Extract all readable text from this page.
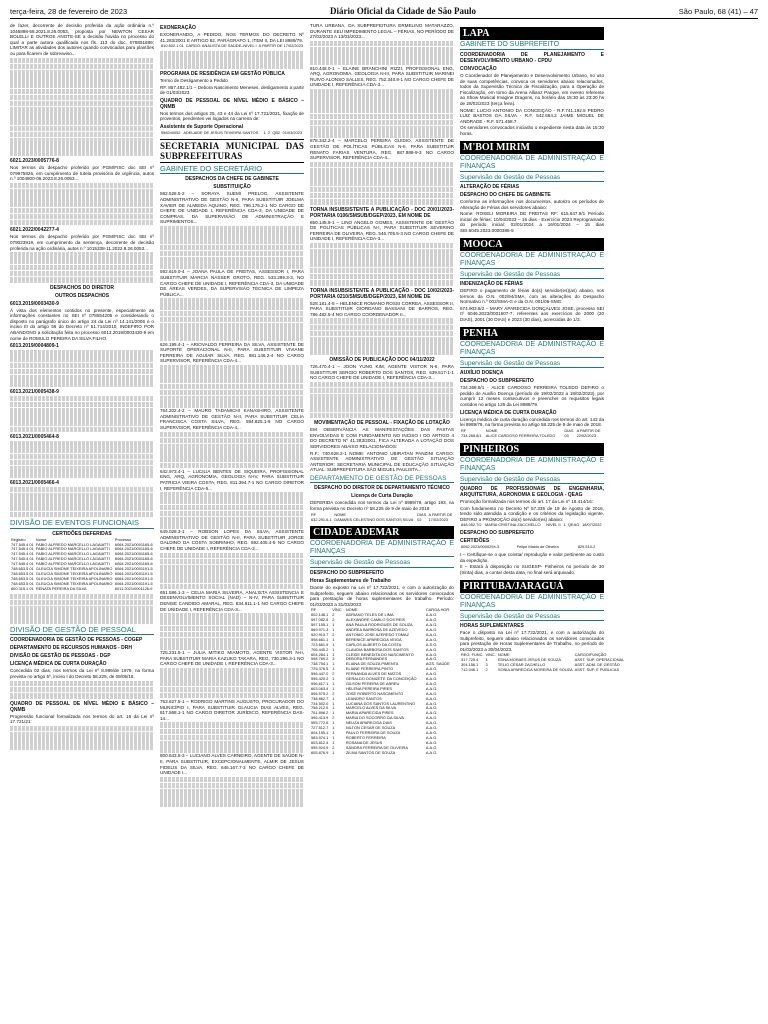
terça-feira, 28 de fevereiro de 2023	Diário Oficial da Cidade de São Paulo	São Paulo, 68 (41) – 47

de fazer, decorrente de decisão proferida da ação ordinária n.º 1046898-58.2021.8.26.0053, proposta por NEWTON CESAR BOLELLI E OUTROS ANOTE-SE a decisão havida no processo do qual a parte autora qualificada nos fls. 113 do doc. 078851889; LIMITAR as atividades dos autores quando convocados para plantões ou para ficarem de sobreaviso...

6021.2023/0005776-8

Nos termos do despacho proferido por PGM/FISC doc SEI nº 079975826, em cumprimento de tutela provisória de urgência, autos n.º 1004800-06.2023.8.26.0053...

6021.2022/0042277-4

Nos termos do despacho proferido por PGM/FISC doc SEI nº 079023919, em cumprimento da sentença, decorrente de decisão proferida na ação ordinária, autos n.º 1015338-11.2022.8.26.0053...

DESPACHOS DO DIRETOR

OUTROS DESPACHOS

6013.2019/0003430-9

À vista dos elementos contidos no presente, especialmente as informações constantes no SEI nº 078554205 e considerando o disposto no parágrafo único do artigo 24 da Lei nº 14.141/2006 e o inciso III do artigo 56 do Decreto nº 51.714/2010, INDEFIRO POR ABANDONO a solicitação feita no processo 6013.2019/0003430-9 em nome de ROMULO PEREIRA DA SILVA FILHO.

6013.2019/0004809-1

6013.2021/0005438-9

6013.2021/0005464-8

6013.2021/0005466-4

DIVISÃO DE EVENTOS FUNCIONAIS

CERTIDÕES DEFERIDAS

Registro	Nome	Processo
747.545.4 01	FABIO ALFREDO MARCELLO LAGAIATTI	6064.2021/0001165-6
747.545.4 01	FABIO ALFREDO MARCELLO LAGAIATTI	6064.2021/0001165-6
747.545.4 01	FABIO ALFREDO MARCELLO LAGAIATTI	6064.2021/0001165-6
747.545.4 01	FABIO ALFREDO MARCELLO LAGAIATTI	6064.2021/0001165-6
747.545.4 01	FABIO ALFREDO MARCELLO LAGAIATTI	6064.2021/0001165-6
748.653.5 01	GLEUCIA SIMONE TEIXEIRA APOLINARIO	6064.2021/0001191-5
748.653.5 01	GLEUCIA SIMONE TEIXEIRA APOLINARIO	6064.2021/0001191-5
748.653.5 01	GLEUCIA SIMONE TEIXEIRA APOLINARIO	6064.2021/0001191-5
748.653.5 01	GLEUCIA SIMONE TEIXEIRA APOLINARIO	6064.2021/0001191-5
600.315.1 01	RENATA PEREIRA DA SILVA	6011.2021/0001126-9
DIVISÃO DE GESTÃO DE PESSOAL

COORDENADORIA DE GESTÃO DE PESSOAS - COGEP

DEPARTAMENTO DE RECURSOS HUMANOS - DRH

DIVISÃO DE GESTÃO DE PESSOAS - DGP

LICENÇA MÉDICA DE CURTA DURAÇÃO

Concedida 02 dias, nos termos da Lei nº 8.989/de 1979, na forma prevista no artigo 5º, inciso I do Decreto 58.225, de 09/05/18.

QUADRO DE PESSOAL DE NÍVEL MÉDIO E BÁSICO – QNMB

Progressão funcional formalizada nos termos do art. 16 da Lei nº 17.721/21:

EXONERAÇÃO

EXONERANDO, A PEDIDO, NOS TERMOS DO DECRETO Nº 41.283/2001 E ARTIGO 62, PARÁGRAFO 1, ITEM II, DA LEI 8989/79.

810.602.1 01	CARGO: ANALISTA DE SAUDE–NIVEL I	A PARTIR DE 17/02/2023

PROGRAMA DE RESIDÊNCIA EM GESTÃO PÚBLICA

Termo de Desligamento a Pedido

RF. 857.482.1/1 – Debora Nascimento Meneses, desligamento a partir de 01/03/2023

QUADRO DE PESSOAL DE NÍVEL MÉDIO E BÁSICO – QNMB

Nos termos dos artigos 25, 43 e 44 da Lei nº 17.721/2021, fixação de proventos, pendentes vei logados na carreira de:

Assistente de Suporte Operacional

558240052	ADELAIDE DE JESUS TEIXEIRA SANTOS	1	2	QB2	01/03/2023
SECRETARIA MUNICIPAL DAS SUBPREFEITURAS
GABINETE DO SECRETÁRIO

DESPACHOS DA CHEFE DE GABINETE

SUBSTITUIÇÃO

582.528.5-2 – SORAYA SUEMI PRELOG, ASSISTENTE ADMINISTRATIVO DE GESTÃO N-II, PARA SUBSTITUIR JOELMA XAVIER DE ALMEIDA AQUINO, REG. 796.175.2-1 NO CARGO DE CHEFE DE UNIDADE I, REFERÊNCIA CDA-3, DA UNIDADE DE COMPRAS, DA SUPERVISÃO DE ADMINISTRAÇÃO E SUPRIMENTOS...

592.619.0-4 – JOANA PAULA DE FREITAS, ASSESSOR I, PARA SUBSTITUIR MARCIA NASSER GROTO, REG. 533.289.3-3, NO CARGO CHEFE DE UNIDADE I, REFERÊNCIA CDA-3, DA UNIDADE DE ÁREAS VERDES, DA SUPERVISÃO TÉCNICA DE LIMPEZA PÚBLICA...

626.195.4-1 – ARIOVALDO FERREIRA DA SILVA, ASSISTENTE DE SUPORTE OPERACIONAL N-II, PARA SUBSTITUIR VIVIANE FERREIRA DE AGUIAR SILVA, REG. 881.146.2-4 NO CARGO SUPERVISOR, REFERÊNCIA CDA-4...

764.202.4-2 – MAURO TADAMICHI KANASHIRO, ASSISTENTE ADMINISTRATIVO DE GESTÃO N-II, PARA SUBSTITUIR CELIA FRANCISCA COSTA SILVA, REG. 594.825.1-6 NO CARGO SUPERVISOR, REFERÊNCIA CDA-4...

642.973.4-1 – LUCILIA BENTES DE SIQUEIRA, PROFISSIONAL ENG, ARQ, AGRONOMIA, GEOLOGIA N-IV, PARA SUBSTITUIR PATRICIA VIEIRA COSTA, REG. 811.394.7-1 NO CARGO DIRETOR I, REFERÊNCIA CDA-5...

649.028.3-1 – ROBSON LOPES DA SILVA, ASSISTENTE ADMINISTRATIVO DE GESTÃO N-II, PARA SUBSTITUIR JORGE GALDINO DA COSTA SOBRINHO, REG. 592.405.4-5 NO CARGO CHEFE DE UNIDADE I, REFERÊNCIA CDA-3...

651.586.1-3 – CELIA MARIA SILVEIRA, ANALISTA ASSISTENCIA E DESENVOLVIMENTO SOCIAL (NAD) – N-IV, PARA SUBSTITUIR DENISE CANDIDO AMARAL, REG. 634.911.1-1 NO CARGO CHEFE DE UNIDADE I, REFERÊNCIA CDA-3...

725.231.5-1 – JULIA MITIKO MIAMOTO, AGENTE VISTOR N-II, PARA SUBSTITUIR MARIA KAZUKO TAKARA, REG. 730.296.3-1 NO CARGO CHEFE DE UNIDADE I, REFERÊNCIA CDA-3...

753.627.5-1 – RODRIGO MARTINS AUGUSTO, PROCURADOR DO MUNICÍPIO I, PARA SUBSTITUIR GLAUCIA DIAS ALVES, REG. 817.568.1-1 NO CARGO DIRETOR JURÍDICO, REFERÊNCIA DAS-14...

800.643.5-3 – LUCIANO ALVES CARNEIRO, AGENTE DE SAÚDE N-II, PARA SUBSTITUIR, EXCEPCIONALMENTE, ALMIR DE JESUS FIDELIS DA SILVA, REG. 646.167.7-3 NO CARGO CHEFE DE UNIDADE I...

TURA URBANA, DA SUBPREFEITURA ERMELINO MATARAZZO, DURANTE SEU IMPEDIMENTO LEGAL – FÉRIAS, NO PERÍODO DE 27/02/2023 A 13/03/2023...

810.448.0-1 – ELAINE BRANCHINI RIZZI, PROFISSIONAL ENG, ARQ, AGRONOMIA, GEOLOGIA N-III, PARA SUBSTITUIR MARINEI RUIVO ALONSO SALLES, REG. 752.340.8-1 NO CARGO CHEFE DE UNIDADE I, REFERÊNCIA CDA-3...

878.342.2-4 – MARCELO PEREIRA GUIDIO, ASSISTENTE DE GESTÃO DE POLÍTICAS PÚBLICAS N-II, PARA SUBSTITUIR RENATO FARIAS VENTURA, REG. 887.888-9-3 NO CARGO SUPERVISOR, REFERÊNCIA CDA-4...

TORNA INSUBSISTENTE A PUBLICAÇÃO - DOC 20/01/2023- PORTARIA 0106/SMSUB/DGEP/2023, EM NOME DE

850.145.9-1 – LINO ANGELO GOMES, ASSISTENTE DE GESTÃO DE POLÍTICAS PÚBLICAS N-I, PARA SUBSTITUIR SEVERINO FERREIRA DE OLIVEIRA, REG. 546.705.5-3 NO CARGO CHEFE DE UNIDADE I, REFERÊNCIA CDA-3...

TORNA INSUBSISTENTE A PUBLICAÇÃO - DOC 10/02/2023- PORTARIA 0210/SMSUB/DGEP/2023, EM NOME DE

528.181.4-5 – HELENICE ROMANO ROSSI CORREA, ASSESSOR II, PARA SUBSTITUIR GIORDANO BASSANI DE BARROS, REG. 786.482.5-4 NO CARGO COORDENADOR II...

OMISSÃO DE PUBLICAÇÃO DOC 04/11/2022

726.470.4-1 – JOON YUNG KIM, AGENTE VISTOR N-II, PARA SUBSTITUIR SERGIO ROBERTO DOS SANTOS, REG. 639.517-1-1 NO CARGO CHEFE DE UNIDADE I, REFERÊNCIA CDA-3...

MOVIMENTAÇÃO DE PESSOAL - FIXAÇÃO DE LOTAÇÃO

EM OBSERVÂNCIA AS MANIFESTAÇÕES DAS PASTAS ENVOLVIDAS E COM FUNDAMENTO NO INCISO I DO ARTIGO 4 DO DECRETO Nº 41.283/2001, FICA ALTERADA A LOTAÇÃO DOS SERVIDORES ABAIXO RELACIONADOS:

R.F.: 740.628.2-1 NOME: ANTONIO UBIRATAN PANZINI CARGO: ASSISTENTE ADMINISTRATIVO DE GESTÃO SITUAÇÃO ANTERIOR: SECRETARIA MUNICIPAL DE EDUCAÇÃO SITUAÇÃO ATUAL: SUBPREFEITURA SÃO MIGUEL PAULISTA...

DEPARTAMENTO DE GESTÃO DE PESSOAS

DESPACHO DO DIRETOR DE DEPARTAMENTO TÉCNICO

Licença de Curta Duração

DEFERIDA concedida nos termos da Lei nº 8989/79, artigo 193, na forma prevista no Decreto nº 58.225 de 9 de maio de 2018

RF	NOME	DIAS	A PARTIR DE
632.291.6-1	DAMARIS CELESTINO DOS SANTOS SILVA	02	17/02/2023
CIDADE ADEMAR
COORDENADORIA DE ADMINISTRAÇÃO E FINANÇAS
Supervisão de Gestão de Pessoas

DESPACHO DO SUBPREFEITO

Horas Suplementares de Trabalho

Diante do exposto na Lei nº 17.722/2021, e com a autorização do Subprefeito, seguem abaixo relacionados os servidores convocados para prestação de horas suplementares de trabalho. Período: 01/03/2023 a 31/03/2023

RF	VÍNC.	NOME	CARGA HOR.
602.148.1	2	ADRIANO TELES DE LIMA	A.A.G.
597.082.5	2	ALEXANDRE CAMILO DOS REIS	A.A.G.
597.155.1	1	ANA PAULA RODRIGUES DE SOUZA	A.A.G.
569.971.3	1	ANDREA BARBOSA DE AZEVEDO	A.A.G.
520.913.7	2	ANTONIO JOSE AZEREDO TOMAZ	A.A.G.
598.661.1	1	BERENICE APARECIDA VEIGA	A.A.G.
723.661.9	1	CARLOS ALBERTO DA COSTA	A.S.O.
706.445.2	1	CLAUDIA BARBOSA DOS SANTOS	A.A.G.
604.284.1	1	CLEIDE BENEDITA DO NASCIMENTO	A.A.G.
598.769.2	3	DEBORA FERNANDES	A.A.G.
738.754.1	1	ELIANA DE SOUZA PIMENTA	AGS. SAÚDE
725.376.5	1	ELIANE FERREIRA PINTO	A.A.G.
596.447.0	2	FERNANDA ALVES DE MATOS	A.A.G.
596.420.2	1	GERALDO DONIZETE DA CONCEIÇÃO	A.A.G.
596.617.1	1	GILSON PEREIRA DE ABREU	A.A.G.
603.063.4	1	HELENA PEREIRA PIRES	A.A.G.
596.575.2	2	JOSE ROBERTO NASCIMENTO	A.A.G.
738.862.7	1	LEANDRO SANTOS	A.A.G.
734.502.0	1	LUCIANA DOS SANTOS LAURENTINO	A.A.G.
758.212.5	1	MARCELO ALVES DA SILVA	A.A.G.
751.898.2	1	MARIA APARECIDA PIRES	A.A.G.
596.413.9	2	MARIA DO SOCORRO DA SILVA	A.A.G.
595.772.6	1	NEUZA APARECIDA DIAS	A.A.G.
727.512.7	1	NILTON CESAR DE SOUZA	A.A.G.
604.155.1	1	PAULO FERREIRA DE SOUZA	A.A.G.
583.974.1	1	ROBERTO FERREIRA	A.A.G.
603.812.4	1	ROSANA DE JESUS	A.A.G.
595.924.9	2	SANDRA FERREIRA DE OLIVEIRA	A.A.G.
605.876.9	1	ZILMA SANTOS DE SOUZA	A.A.G.
LAPA
GABINETE DO SUBPREFEITO

COORDENADORIA DE PLANEJAMENTO E DESENVOLVIMENTO URBANO - CPDU

CONVOCAÇÃO

O Coordenador de Planejamento e Desenvolvimento Urbano, no uso de suas competências, convoca os servidores abaixo relacionados, todos da Supervisão Técnica de Fiscalização, para a Operação de Fiscalização, em torno da Arena Allianz Parque, em evento referente ao Show Musical Imagine Dragons, no horário das 15:30 às 23:30 hs de 28/02/2023 (terça feira).

NOME: LUCIO ANTONIO DA CONCEIÇÃO - R.F.741.192.5 PEDRO LUIZ BASTOS DA SILVA - R.F. 542.664.2 JAIME MIGUEL DE ANDRADE - R.F. 571.458.7

Os servidores convocados iniciarão o expediente nesta data às 15:30 horas.

M'BOI MIRIM
COORDENADORIA DE ADMINISTRAÇÃO E FINANÇAS
Supervisão de Gestão de Pessoas

ALTERAÇÃO DE FÉRIAS

DESPACHO DO CHEFE DE GABINETE

Conforme as informações nos documentos, autorizo os períodos de Alteração de Férias dos servidores abaixo:

Nome: ROSELI MOREIRA DE FREITAS RF: 615.647.9/1 Período inicial de férias: 10/04/2023 – 15 dias - Exercício 2023 Reprogramado do período inicial: 02/01/2024 a 16/01/2024 – 15 dias SEI:6045.2023.0000385-5

MOOCA
COORDENADORIA DE ADMINISTRAÇÃO E FINANÇAS
Supervisão de Gestão de Pessoas

INDENIZAÇÃO DE FÉRIAS

DEFIRO o pagamento de férias do(s) servidor(es)(as) abaixo, nos termos da O.N. 002/94/SMA, com as alterações do Despacho Normativo n.º 002/SMA-G e da O.N. 001/06-SMG:

674.903.8/2 – MARY APARECIDA GONÇALVES JOSE, processo SEI nº 6046.2023/0001507-7, referentes aos exercícios de 2000 (20 DIAS), 2001 (30 DIAS) e 2023 (30 dias), acrescidas de 1/3.

PENHA
COORDENADORIA DE ADMINISTRAÇÃO E FINANÇAS
Supervisão de Gestão de Pessoas

AUXÍLIO DOENÇA

DESPACHO DO SUBPREFEITO

734.268.8/1 - ALICE CARDOSO FERREIRA TOLEDO DEFIRO o pedido de Auxílio Doença (período de 19/02/2022 a 18/02/2023), por cumprir 12 meses consecutivos e preencher os requisitos legais contidos no artigo 126 da Lei 8989/79.

LICENÇA MÉDICA DE CURTA DURAÇÃO

Licença médica de curta duração concedida nos termos do art. 143 da lei 8989/79, na forma prevista no artigo 58.225 de 9 de maio de 2018.

RF	NOME	DIAS	A PARTIR DE
734.268.8/1	ALICE CARDOSO FERREIRA TOLEDO	03	22/02/2023
PINHEIROS
COORDENADORIA DE ADMINISTRAÇÃO E FINANÇAS
Supervisão de Gestão de Pessoas

QUADRO DE PROFISSIONAIS DE ENGENHARIA, ARQUITETURA, AGRONOMIA E GEOLOGIA - QEAG

Promoção formalizada nos termos do art. 17 da Lei nº 18.414/16:

Com fundamento no Decreto Nº 57.335 de 19 de Agosto de 2016, tendo sido atendida a condição e os critérios da legislação vigente, DEFIRO a PROMOÇÃO do(s) servidor(es) abaixo:

848.052.7/2	MARIA CRISTINA ZACCHELLO	NIVEL II	1	QEAG	18/07/2022

DESPACHO DO SUBPREFEITO

CERTIDÕES

6052.2023/0000294-3	Felipe Maido de Oliveira	829.510-2

I – Certifique-se o que consta/ reprodução e valor pertinente ao custo da expedição.

II – Estará à disposição no SUGESP- Pinheiros no período de 30 (trinta) dias, a contar desta data, no final será arquivado.

PIRITUBA/JARAGUÁ
COORDENADORIA DE ADMINISTRAÇÃO E FINANÇAS
Supervisão de Gestão de Pessoas

HORAS SUPLEMENTARES

Face o disposto na Lei nº 17.722/2021, e com a autorização do Subprefeito, seguem abaixo relacionados os servidores convocados para prestação de Horas Suplementares de Trabalho, no período de 01/03/2023 a 30/04/2023.

REG. FUNC.	VINC.	NOME	CARGO/FUNÇÃO
317.725.4	1	EDNA MORAES JESUS DE SOUZA	ASST. SUP. OPERACIONAL
304.158.1	3	TELIO CÉSAR ZACHELLO	ASST. ADM. DE GESTÃO
712.046.1	2	SONIA APARECIDA MOREIRA DE SOUZA	ASST. SUP. E PÚBLICAS
